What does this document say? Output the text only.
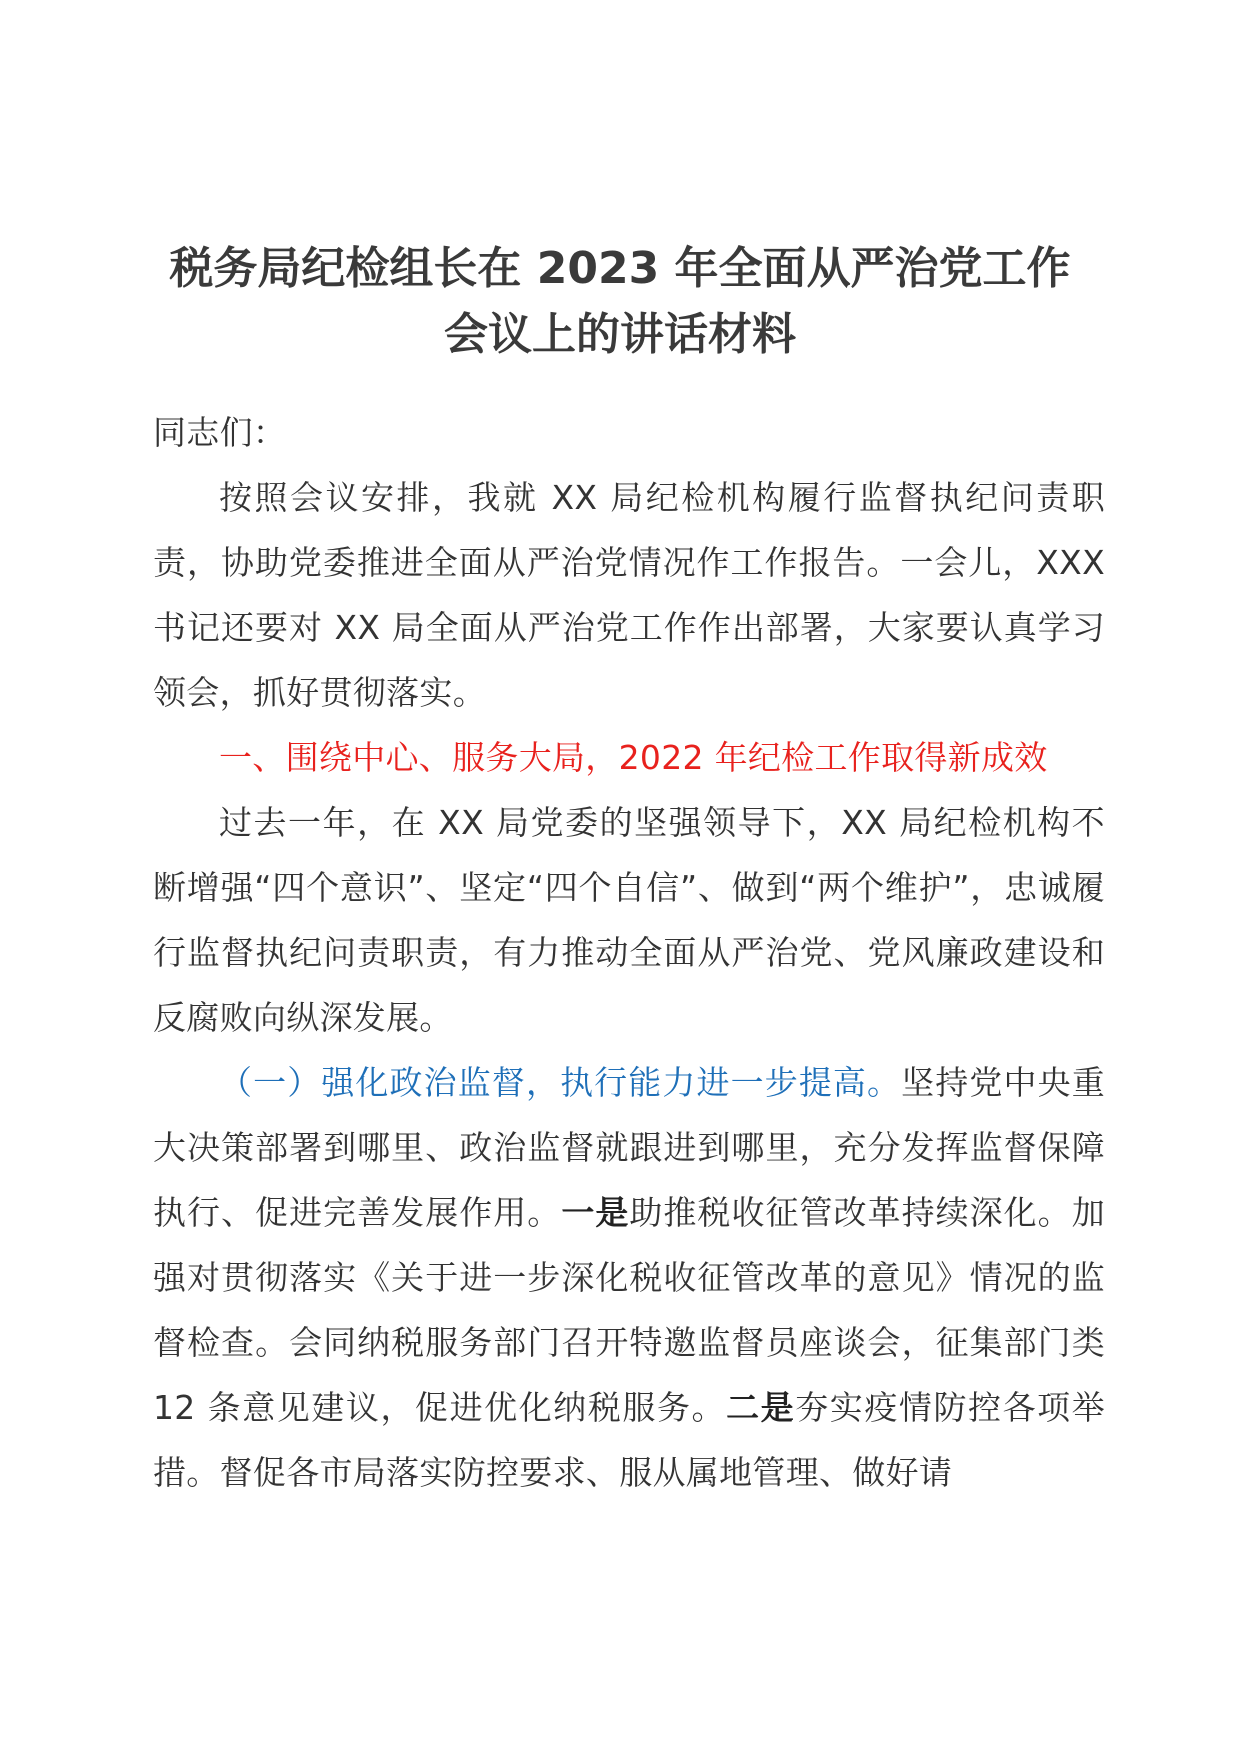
税务局纪检组长在 2023 年全面从严治党工作
会议上的讲话材料

同志们：

按照会议安排，我就 XX 局纪检机构履行监督执纪问责职责，协助党委推进全面从严治党情况作工作报告。一会儿，XXX 书记还要对 XX 局全面从严治党工作作出部署，大家要认真学习领会，抓好贯彻落实。

一、围绕中心、服务大局，2022 年纪检工作取得新成效

过去一年，在 XX 局党委的坚强领导下，XX 局纪检机构不断增强“四个意识”、坚定“四个自信”、做到“两个维护”，忠诚履行监督执纪问责职责，有力推动全面从严治党、党风廉政建设和反腐败向纵深发展。

（一）强化政治监督，执行能力进一步提高。坚持党中央重大决策部署到哪里、政治监督就跟进到哪里，充分发挥监督保障执行、促进完善发展作用。一是助推税收征管改革持续深化。加强对贯彻落实《关于进一步深化税收征管改革的意见》情况的监督检查。会同纳税服务部门召开特邀监督员座谈会，征集部门类 12 条意见建议，促进优化纳税服务。二是夯实疫情防控各项举措。督促各市局落实防控要求、服从属地管理、做好请
